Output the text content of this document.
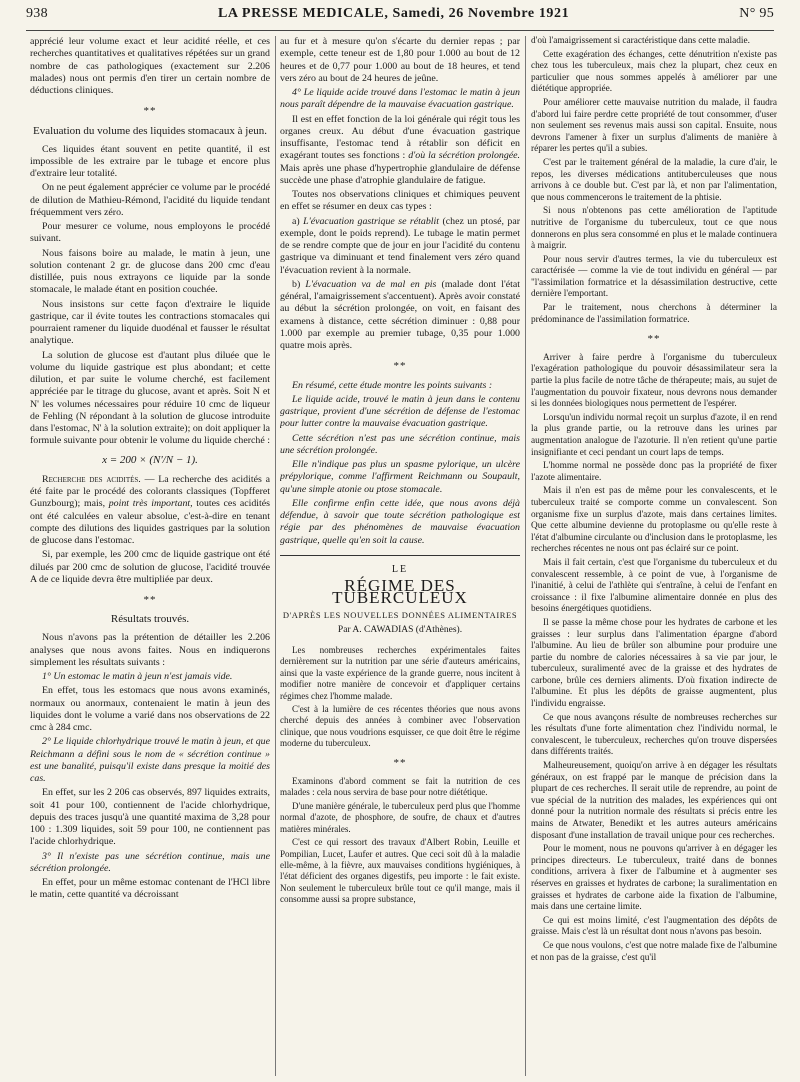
938	LA PRESSE MEDICALE, Samedi, 26 Novembre 1921	N° 95

apprécié leur volume exact et leur acidité réelle, et ces recherches quantitatives et qualitatives répétées sur un grand nombre de cas pathologiques (exactement sur 2.206 malades) nous ont permis d'en tirer un certain nombre de déductions cliniques.

**
Evaluation du volume des liquides stomacaux à jeun.

Ces liquides étant souvent en petite quantité, il est impossible de les extraire par le tubage et encore plus d'extraire leur totalité.

On ne peut également apprécier ce volume par le procédé de dilution de Mathieu-Rémond, l'acidité du liquide tendant fréquemment vers zéro.

Pour mesurer ce volume, nous employons le procédé suivant.

Nous faisons boire au malade, le matin à jeun, une solution contenant 2 gr. de glucose dans 200 cmc d'eau distillée, puis nous extrayons ce liquide par la sonde stomacale, le malade étant en position couchée.

Nous insistons sur cette façon d'extraire le liquide gastrique, car il évite toutes les contractions stomacales qui pourraient ramener du liquide duodénal et fausser le résultat analytique.

La solution de glucose est d'autant plus diluée que le volume du liquide gastrique est plus abondant; et cette dilution, et par suite le volume cherché, est facilement appréciée par le titrage du glucose, avant et après. Soit N et N' les volumes nécessaires pour réduire 10 cmc de liqueur de Fehling (N répondant à la solution de glucose introduite dans l'estomac, N' à la solution extraite); on doit appliquer la formule suivante pour obtenir le volume du liquide cherché :

x = 200 × (N'/N − 1).

Recherche des acidités. — La recherche des acidités a été faite par le procédé des colorants classiques (Topfferet Gunzbourg); mais, point très important, toutes ces acidités ont été calculées en valeur absolue, c'est-à-dire en tenant compte des dilutions des liquides gastriques par la solution de glucose dans l'estomac.

Si, par exemple, les 200 cmc de liquide gastrique ont été dilués par 200 cmc de solution de glucose, l'acidité trouvée A de ce liquide devra être multipliée par deux.

**
Résultats trouvés.

Nous n'avons pas la prétention de détailler les 2.206 analyses que nous avons faites. Nous en indiquerons simplement les résultats suivants :

1° Un estomac le matin à jeun n'est jamais vide.

En effet, tous les estomacs que nous avons examinés, normaux ou anormaux, contenaient le matin à jeun des liquides dont le volume a varié dans nos observations de 22 cmc à 284 cmc.

2° Le liquide chlorhydrique trouvé le matin à jeun, et que Reichmann a défini sous le nom de « sécrétion continue » est une banalité, puisqu'il existe dans presque la moitié des cas.

En effet, sur les 2 206 cas observés, 897 liquides extraits, soit 41 pour 100, contiennent de l'acide chlorhydrique, depuis des traces jusqu'à une quantité maxima de 3,28 pour 100 : 1.309 liquides, soit 59 pour 100, ne contiennent pas l'acide chlorhydrique.

3° Il n'existe pas une sécrétion continue, mais une sécrétion prolongée.

En effet, pour un même estomac contenant de l'HCl libre le matin, cette quantité va décroissant

au fur et à mesure qu'on s'écarte du dernier repas ; par exemple, cette teneur est de 1,80 pour 1.000 au bout de 12 heures et de 0,77 pour 1.000 au bout de 18 heures, et tend vers zéro au bout de 24 heures de jeûne.

4° Le liquide acide trouvé dans l'estomac le matin à jeun nous paraît dépendre de la mauvaise évacuation gastrique.

Il est en effet fonction de la loi générale qui régit tous les organes creux. Au début d'une évacuation gastrique insuffisante, l'estomac tend à rétablir son déficit en exagérant toutes ses fonctions : d'où la sécrétion prolongée. Mais après une phase d'hypertrophie glandulaire de défense succède une phase d'atrophie glandulaire de fatigue.

Toutes nos observations cliniques et chimiques peuvent en effet se résumer en deux cas types :

a) L'évacuation gastrique se rétablit (chez un ptosé, par exemple, dont le poids reprend). Le tubage le matin permet de se rendre compte que de jour en jour l'acidité du contenu gastrique va diminuant et tend finalement vers zéro quand l'évacuation revient à la normale.

b) L'évacuation va de mal en pis (malade dont l'état général, l'amaigrissement s'accentuent). Après avoir constaté au début la sécrétion prolongée, on voit, en faisant des examens à distance, cette sécrétion diminuer : 0,88 pour 1.000 par exemple au premier tubage, 0,35 pour 1.000 quatre mois après.

**

En résumé, cette étude montre les points suivants :

Le liquide acide, trouvé le matin à jeun dans le contenu gastrique, provient d'une sécrétion de défense de l'estomac pour lutter contre la mauvaise évacuation gastrique.

Cette sécrétion n'est pas une sécrétion continue, mais une sécrétion prolongée.

Elle n'indique pas plus un spasme pylorique, un ulcère prépylorique, comme l'affirment Reichmann ou Soupault, qu'une simple atonie ou ptose stomacale.

Elle confirme enfin cette idée, que nous avons déjà défendue, à savoir que toute sécrétion pathologique est régie par des phénomènes de mauvaise évacuation gastrique, quelle qu'en soit la cause.

LE
RÉGIME DES TUBERCULEUX
D'APRÈS LES NOUVELLES DONNÉES ALIMENTAIRES
Par A. CAWADIAS (d'Athènes).

Les nombreuses recherches expérimentales faites dernièrement sur la nutrition par une série d'auteurs américains, ainsi que la vaste expérience de la grande guerre, nous incitent à modifier notre manière de concevoir et d'appliquer certains régimes chez l'homme malade.

C'est à la lumière de ces récentes théories que nous avons cherché depuis des années à combiner avec l'observation clinique, que nous voudrions esquisser, ce que doit être le régime moderne du tuberculeux.

**

Examinons d'abord comment se fait la nutrition de ces malades : cela nous servira de base pour notre diététique.

D'une manière générale, le tuberculeux perd plus que l'homme normal d'azote, de phosphore, de soufre, de chaux et d'autres matières minérales.

C'est ce qui ressort des travaux d'Albert Robin, Leuille et Pompilian, Lucet, Laufer et autres. Que ceci soit dû à la maladie elle-même, à la fièvre, aux mauvaises conditions hygiéniques, à l'état déficient des organes digestifs, peu importe : le fait existe. Non seulement le tuberculeux brûle tout ce qu'il mange, mais il consomme aussi sa propre substance,

d'où l'amaigrissement si caractéristique dans cette maladie.

Cette exagération des échanges, cette dénutrition n'existe pas chez tous les tuberculeux, mais chez la plupart, chez ceux en particulier que nous sommes appelés à améliorer par une diététique appropriée.

Pour améliorer cette mauvaise nutrition du malade, il faudra d'abord lui faire perdre cette propriété de tout consommer, d'user non seulement ses revenus mais aussi son capital. Ensuite, nous devrons l'amener à fixer un surplus d'aliments de manière à réparer les pertes qu'il a subies.

C'est par le traitement général de la maladie, la cure d'air, le repos, les diverses médications antituberculeuses que nous arrivons à ce double but. C'est par là, et non par l'alimentation, que nous commencerons le traitement de la phtisie.

Si nous n'obtenons pas cette amélioration de l'aptitude nutritive de l'organisme du tuberculeux, tout ce que nous donnerons en plus sera consommé en plus et le malade continuera à maigrir.

Pour nous servir d'autres termes, la vie du tuberculeux est caractérisée — comme la vie de tout individu en général — par "l'assimilation formatrice et la désassimilation destructive, cette dernière l'emportant.

Par le traitement, nous cherchons à déterminer la prédominance de l'assimilation formatrice.

**

Arriver à faire perdre à l'organisme du tuberculeux l'exagération pathologique du pouvoir désassimilateur sera la partie la plus facile de notre tâche de thérapeute; mais, au sujet de l'augmentation du pouvoir fixateur, nous devrons nous demander si les données biologiques nous permettent de l'espérer.

Lorsqu'un individu normal reçoit un surplus d'azote, il en rend la plus grande partie, ou la retrouve dans les urines par augmentation analogue de l'azoturie. Il n'en retient qu'une partie insignifiante et ceci pendant un court laps de temps.

L'homme normal ne possède donc pas la propriété de fixer l'azote alimentaire.

Mais il n'en est pas de même pour les convalescents, et le tuberculeux traité se comporte comme un convalescent. Son organisme fixe un surplus d'azote, mais dans certaines limites. Que cette albumine devienne du protoplasme ou qu'elle reste à l'état d'albumine circulante ou d'inclusion dans le protoplasme, les recherches récentes ne nous ont pas éclairé sur ce point.

Mais il fait certain, c'est que l'organisme du tuberculeux et du convalescent ressemble, à ce point de vue, à l'organisme de l'inanitié, à celui de l'athlète qui s'entraîne, à celui de l'enfant en croissance : il fixe l'albumine alimentaire donnée en plus des besoins énergétiques quotidiens.

Il se passe la même chose pour les hydrates de carbone et les graisses : leur surplus dans l'alimentation épargne d'abord l'albumine. Au lieu de brûler son albumine pour produire une partie du nombre de calories nécessaires à sa vie par jour, le tuberculeux, suralimenté avec de la graisse et des hydrates de carbone, brûle ces derniers aliments. D'où fixation indirecte de l'albumine. Et plus les dépôts de graisse augmentent, plus l'individu engraisse.

Ce que nous avançons résulte de nombreuses recherches sur les résultats d'une forte alimentation chez l'individu normal, le convalescent, le tuberculeux, recherches qu'on trouve dispersées dans différents traités.

Malheureusement, quoiqu'on arrive à en dégager les résultats généraux, on est frappé par le manque de précision dans la plupart de ces recherches. Il serait utile de reprendre, au point de vue spécial de la nutrition des malades, les expériences qui ont donné pour la nutrition normale des résultats si précis entre les mains de Atwater, Benedikt et les autres auteurs américains disposant d'une installation de travail unique pour ces recherches.

Pour le moment, nous ne pouvons qu'arriver à en dégager les principes directeurs. Le tuberculeux, traité dans de bonnes conditions, arrivera à fixer de l'albumine et à augmenter ses réserves en graisses et hydrates de carbone; la suralimentation en graisses et hydrates de carbone aide la fixation de l'albumine, mais dans une certaine limite.

Ce qui est moins limité, c'est l'augmentation des dépôts de graisse. Mais c'est là un résultat dont nous n'avons pas besoin.

Ce que nous voulons, c'est que notre malade fixe de l'albumine et non pas de la graisse, c'est qu'il
